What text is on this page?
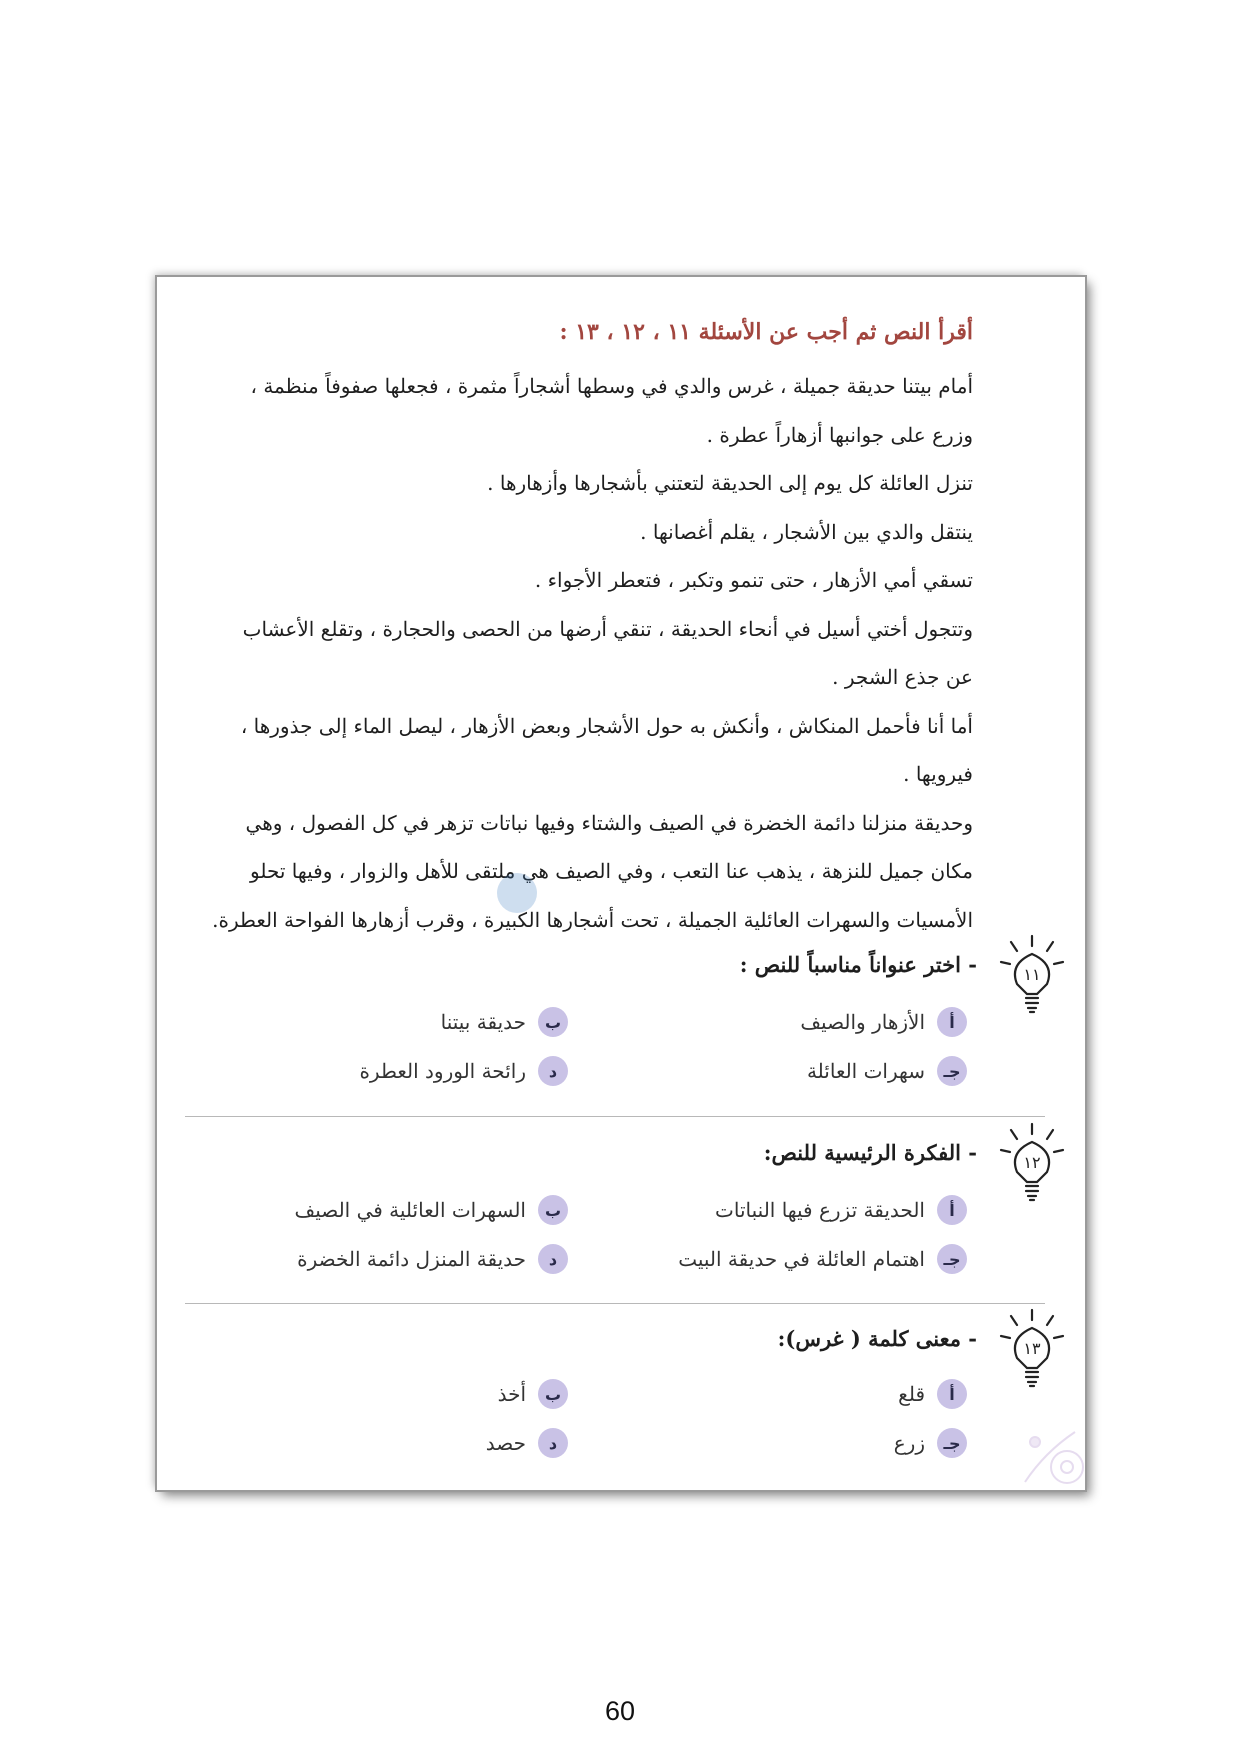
أقرأ النص ثم أجب عن الأسئلة ١١ ، ١٢ ، ١٣ :

أمام بيتنا حديقة جميلة ، غرس والدي في وسطها أشجاراً مثمرة ، فجعلها صفوفاً منظمة ،

وزرع على جوانبها أزهاراً عطرة .

تنزل العائلة كل يوم إلى الحديقة لتعتني بأشجارها وأزهارها .

ينتقل والدي بين الأشجار ، يقلم أغصانها .

تسقي أمي الأزهار ، حتى تنمو وتكبر ، فتعطر الأجواء .

وتتجول أختي أسيل في أنحاء الحديقة ، تنقي أرضها من الحصى والحجارة ، وتقلع الأعشاب

عن جذع الشجر .

أما أنا فأحمل المنكاش ، وأنكش به حول الأشجار وبعض الأزهار ، ليصل الماء إلى جذورها ،

فيرويها .

وحديقة منزلنا دائمة الخضرة في الصيف والشتاء وفيها نباتات تزهر في كل الفصول ، وهي

مكان جميل للنزهة ، يذهب عنا التعب ، وفي الصيف هي ملتقى للأهل والزوار ، وفيها تحلو

الأمسيات والسهرات العائلية الجميلة ، تحت أشجارها الكبيرة ، وقرب أزهارها الفواحة العطرة.

١١
- اختر عنواناً مناسباً للنص :
أ
الأزهار والصيف
ب
حديقة بيتنا
جـ
سهرات العائلة
د
رائحة الورود العطرة
١٢
- الفكرة الرئيسية للنص:
أ
الحديقة تزرع فيها النباتات
ب
السهرات العائلية في الصيف
جـ
اهتمام العائلة في حديقة البيت
د
حديقة المنزل دائمة الخضرة
١٣
- معنى كلمة ( غرس):
أ
قلع
ب
أخذ
جـ
زرع
د
حصد
60
